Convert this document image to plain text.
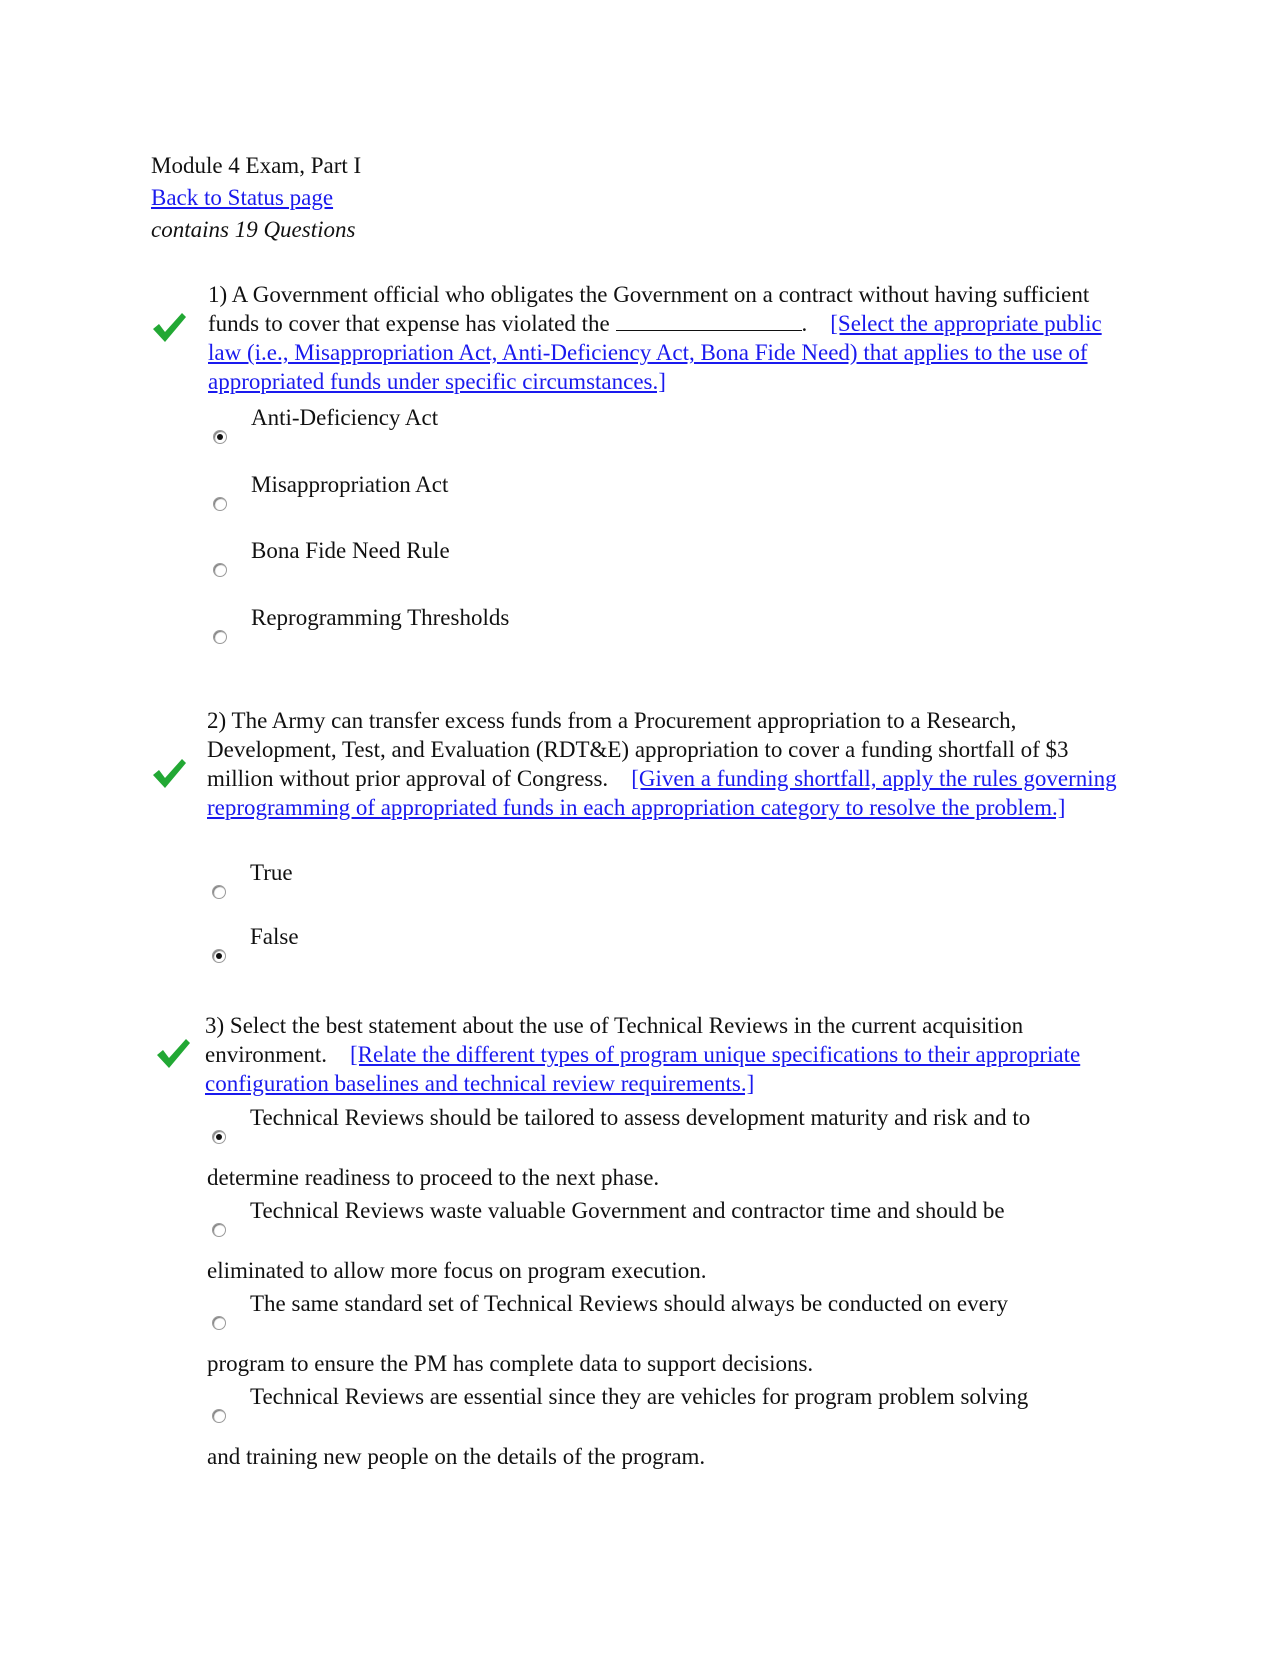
Module 4 Exam, Part I
Back to Status page
contains 19 Questions
1) A Government official who obligates the Government on a contract without having sufficient funds to cover that expense has violated the	. [Select the appropriate public law (i.e., Misappropriation Act, Anti-Deficiency Act, Bona Fide Need) that applies to the use of appropriated funds under specific circumstances.]
Anti-Deficiency Act
Misappropriation Act
Bona Fide Need Rule
Reprogramming Thresholds
2) The Army can transfer excess funds from a Procurement appropriation to a Research, Development, Test, and Evaluation (RDT&E) appropriation to cover a funding shortfall of $3 million without prior approval of Congress. [Given a funding shortfall, apply the rules governing reprogramming of appropriated funds in each appropriation category to resolve the problem.]
True
False
3) Select the best statement about the use of Technical Reviews in the current acquisition environment. [Relate the different types of program unique specifications to their appropriate configuration baselines and technical review requirements.]
Technical Reviews should be tailored to assess development maturity and risk and to
determine readiness to proceed to the next phase.
Technical Reviews waste valuable Government and contractor time and should be
eliminated to allow more focus on program execution.
The same standard set of Technical Reviews should always be conducted on every
program to ensure the PM has complete data to support decisions.
Technical Reviews are essential since they are vehicles for program problem solving
and training new people on the details of the program.
